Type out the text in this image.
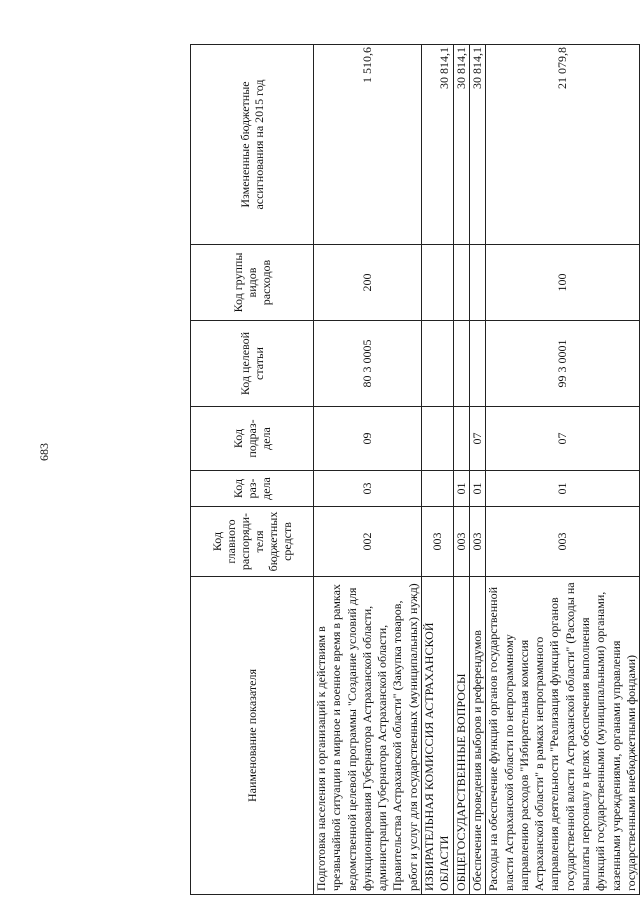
683
Наименование показателя	Код главного распоряди-теля бюджетных средств	Код раз-дела	Код подраз-дела	Код целевой статьи	Код группы видов расходов	Измененные бюджетные ассигнования на 2015 год
Подготовка населения и организаций к действиям в чрезвычайной ситуации в мирное и военное время в рамках ведомственной целевой программы "Создание условий для функционирования Губернатора Астраханской области, администрации Губернатора Астраханской области, Правительства Астраханской области" (Закупка товаров, работ и услуг для государственных (муниципальных) нужд)	002	03	09	80 3 0005	200	1 510,6
ИЗБИРАТЕЛЬНАЯ КОМИССИЯ АСТРАХАНСКОЙ ОБЛАСТИ	003					30 814,1
ОБЩЕГОСУДАРСТВЕННЫЕ ВОПРОСЫ	003	01				30 814,1
Обеспечение проведения выборов и референдумов	003	01	07			30 814,1
Расходы на обеспечение функций органов государственной власти Астраханской области по непрограммному направлению расходов "Избирательная комиссия Астраханской области" в рамках непрограммного направления деятельности "Реализация функций органов государственной власти Астраханской области" (Расходы на выплаты персоналу в целях обеспечения выполнения функций государственными (муниципальными) органами, казенными учреждениями, органами управления государственными внебюджетными фондами)	003	01	07	99 3 0001	100	21 079,8
